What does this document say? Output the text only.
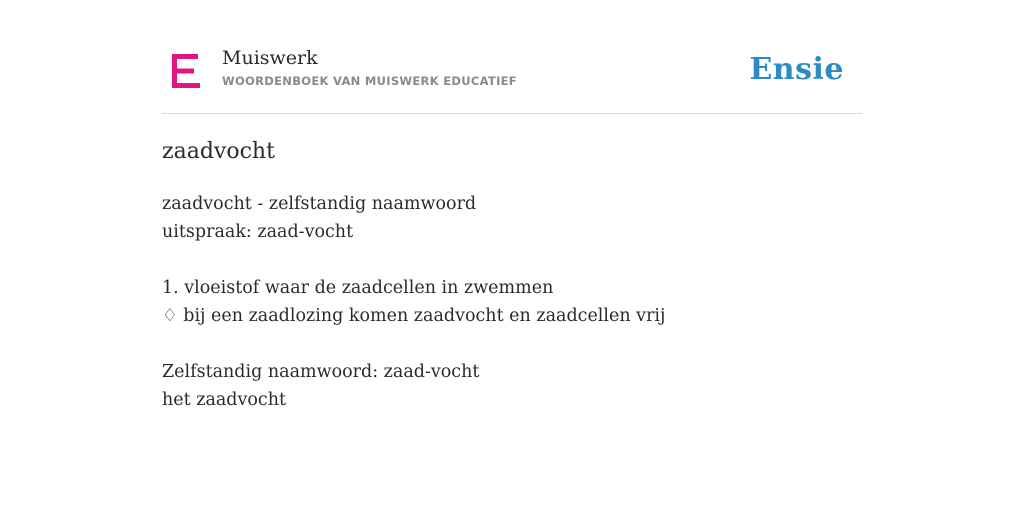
Muiswerk
WOORDENBOEK VAN MUISWERK EDUCATIEF	Ensie
zaadvocht
zaadvocht - zelfstandig naamwoord
uitspraak: zaad-vocht
1. vloeistof waar de zaadcellen in zwemmen
♢ bij een zaadlozing komen zaadvocht en zaadcellen vrij
Zelfstandig naamwoord: zaad-vocht
het zaadvocht
